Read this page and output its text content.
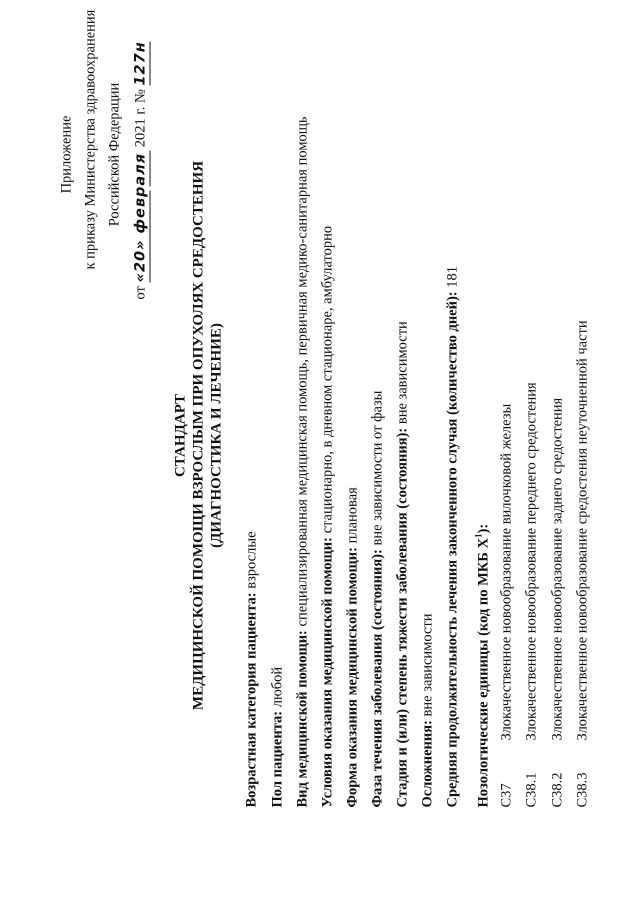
Приложение к приказу Министерства здравоохранения Российской Федерации
от «20» февраля   2021 г. № 127н
СТАНДАРТ МЕДИЦИНСКОЙ ПОМОЩИ ВЗРОСЛЫМ ПРИ ОПУХОЛЯХ СРЕДОСТЕНИЯ (ДИАГНОСТИКА И ЛЕЧЕНИЕ)
Возрастная категория пациента: взрослые
Пол пациента: любой Вид медицинской помощи: специализированная медицинская помощь, первичная медико-санитарная помощь
Условия оказания медицинской помощи: стационарно, в дневном стационаре, амбулаторно
Форма оказания медицинской помощи: плановая
Фаза течения заболевания (состояния): вне зависимости от фазы Стадия и (или) степень тяжести заболевания (состояния): вне зависимости
Осложнения: вне зависимости Средняя продолжительность лечения законченного случая (количество дней): 181
Нозологические единицы (код по МКБ $X^1$):
C37
Злокачественное новообразование вилочковой железы
C38.1
Злокачественное новообразование переднего средостения
C38.2
Злокачественное новообразование заднего средостения
C38.3
Злокачественное новообразование средостения неуточненной части
